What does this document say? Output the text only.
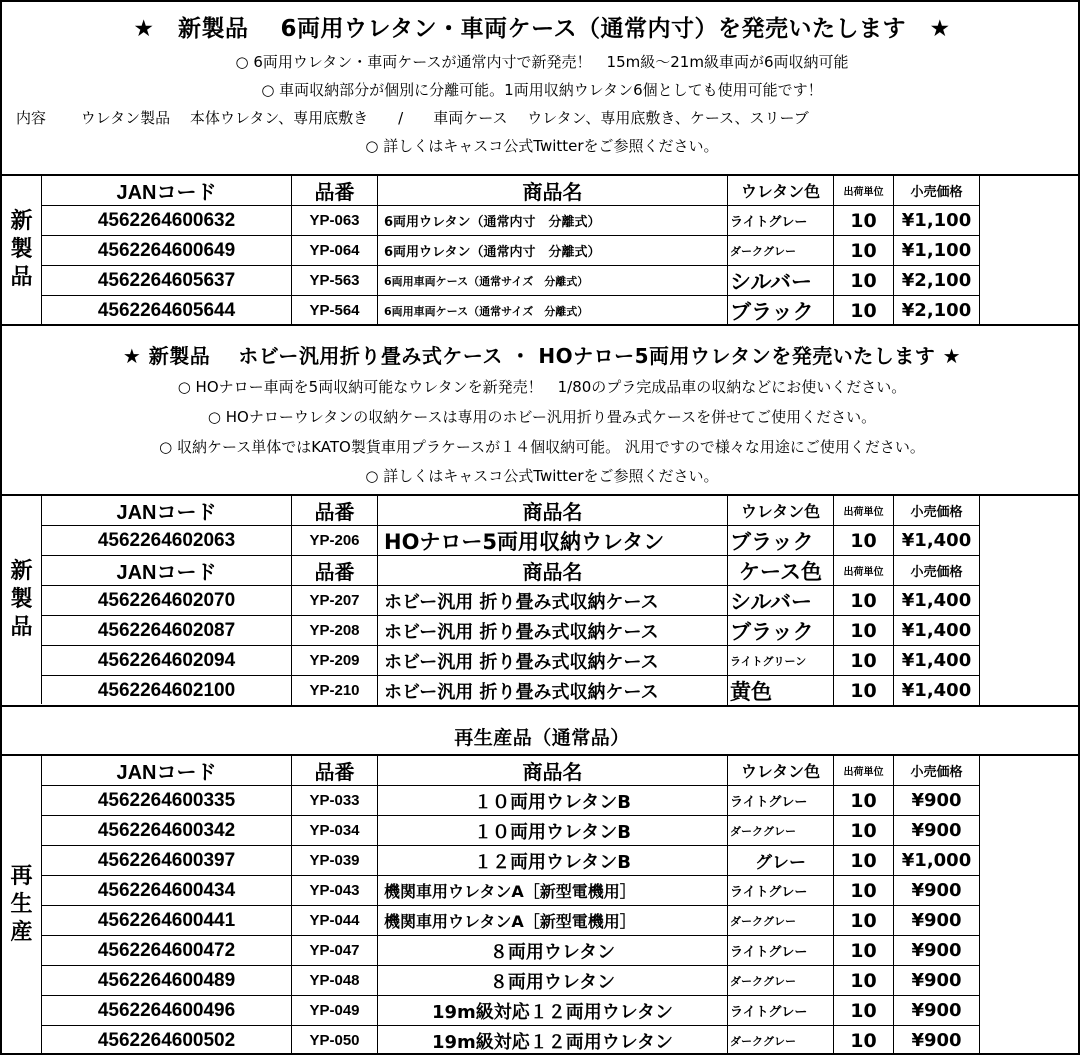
★　新製品　 6両用ウレタン・車両ケース（通常内寸）を発売いたします　★
○ 6両用ウレタン・車両ケースが通常内寸で新発売！　15m級～21m級車両が6両収納可能
○ 車両収納部分が個別に分離可能。1両用収納ウレタン6個としても使用可能です！
内容　　 ウレタン製品　 本体ウレタン、専用底敷き　　/　　車両ケース　 ウレタン、専用底敷き、ケース、スリーブ
○ 詳しくはキャスコ公式Twitterをご参照ください。
新
製
品
JANコード	品番	商品名	ウレタン色	出荷単位	小売価格
4562264600632	YP-063	6両用ウレタン（通常内寸　分離式）	ライトグレー	10	¥1,100
4562264600649	YP-064	6両用ウレタン（通常内寸　分離式）	ダークグレー	10	¥1,100
4562264605637	YP-563	6両用車両ケース（通常サイズ　分離式）	シルバー	10	¥2,100
4562264605644	YP-564	6両用車両ケース（通常サイズ　分離式）	ブラック	10	¥2,100
★ 新製品　 ホビー汎用折り畳み式ケース ・ HOナロー5両用ウレタンを発売いたします ★
○ HOナロー車両を5両収納可能なウレタンを新発売！　1/80のプラ完成品車の収納などにお使いください。
○ HOナローウレタンの収納ケースは専用のホビー汎用折り畳み式ケースを併せてご使用ください。
○ 収納ケース単体ではKATO製貨車用プラケースが１４個収納可能。 汎用ですので様々な用途にご使用ください。
○ 詳しくはキャスコ公式Twitterをご参照ください。
新
製
品
JANコード	品番	商品名	ウレタン色	出荷単位	小売価格
4562264602063	YP-206	HOナロー5両用収納ウレタン	ブラック	10	¥1,400
JANコード	品番	商品名	ケース色	出荷単位	小売価格
4562264602070	YP-207	ホビー汎用 折り畳み式収納ケース	シルバー	10	¥1,400
4562264602087	YP-208	ホビー汎用 折り畳み式収納ケース	ブラック	10	¥1,400
4562264602094	YP-209	ホビー汎用 折り畳み式収納ケース	ライトグリーン	10	¥1,400
4562264602100	YP-210	ホビー汎用 折り畳み式収納ケース	黄色	10	¥1,400
再生産品（通常品）
再
生
産
JANコード	品番	商品名	ウレタン色	出荷単位	小売価格
4562264600335	YP-033	１０両用ウレタンB	ライトグレー	10	¥900
4562264600342	YP-034	１０両用ウレタンB	ダークグレー	10	¥900
4562264600397	YP-039	１２両用ウレタンB	グレー	10	¥1,000
4562264600434	YP-043	機関車用ウレタンA［新型電機用］	ライトグレー	10	¥900
4562264600441	YP-044	機関車用ウレタンA［新型電機用］	ダークグレー	10	¥900
4562264600472	YP-047	８両用ウレタン	ライトグレー	10	¥900
4562264600489	YP-048	８両用ウレタン	ダークグレー	10	¥900
4562264600496	YP-049	19m級対応１２両用ウレタン	ライトグレー	10	¥900
4562264600502	YP-050	19m級対応１２両用ウレタン	ダークグレー	10	¥900
